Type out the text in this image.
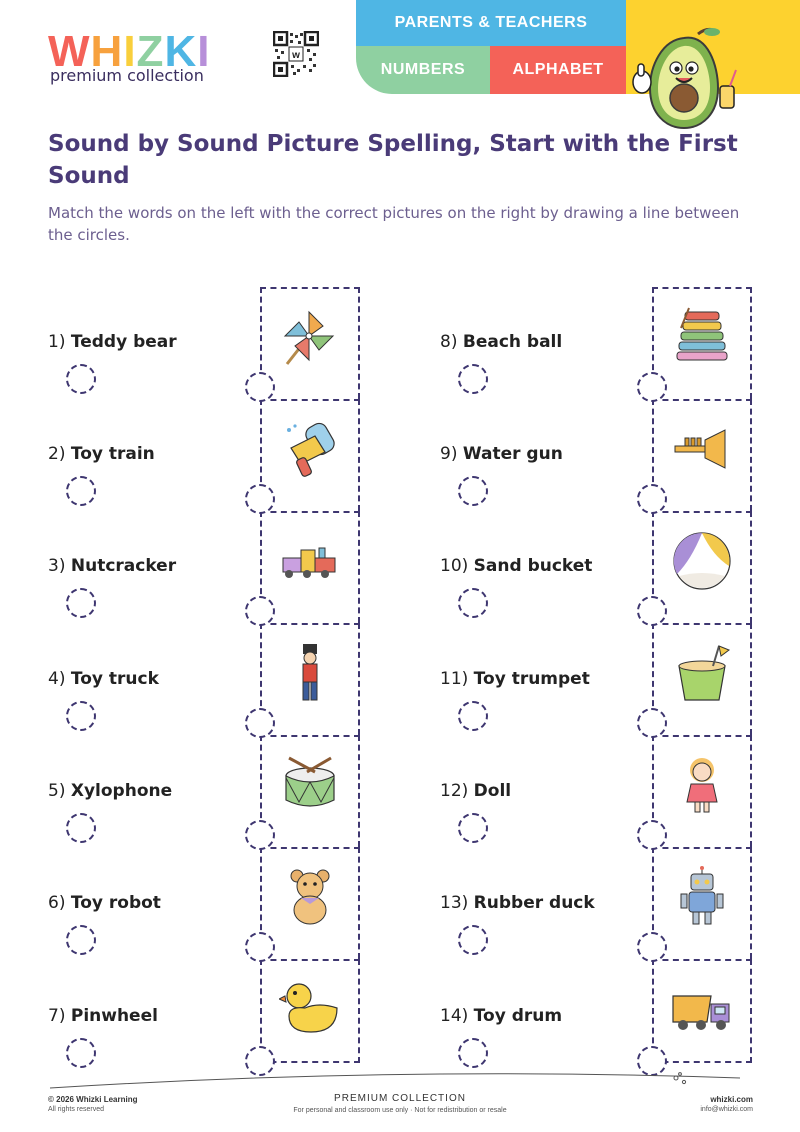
WHIZKI
premium collection
w
PARENTS & TEACHERS
NUMBERS	ALPHABET
Sound by Sound Picture Spelling, Start with the First Sound
Match the words on the left with the correct pictures on the right by drawing a line between the circles.
1) Teddy bear
2) Toy train
3) Nutcracker
4) Toy truck
5) Xylophone
6) Toy robot
7) Pinwheel
8) Beach ball
9) Water gun
10) Sand bucket
11) Toy trumpet
12) Doll
13) Rubber duck
14) Toy drum
© 2026 Whizki Learning
All rights reserved
PREMIUM COLLECTION
For personal and classroom use only · Not for redistribution or resale
whizki.com
info@whizki.com
